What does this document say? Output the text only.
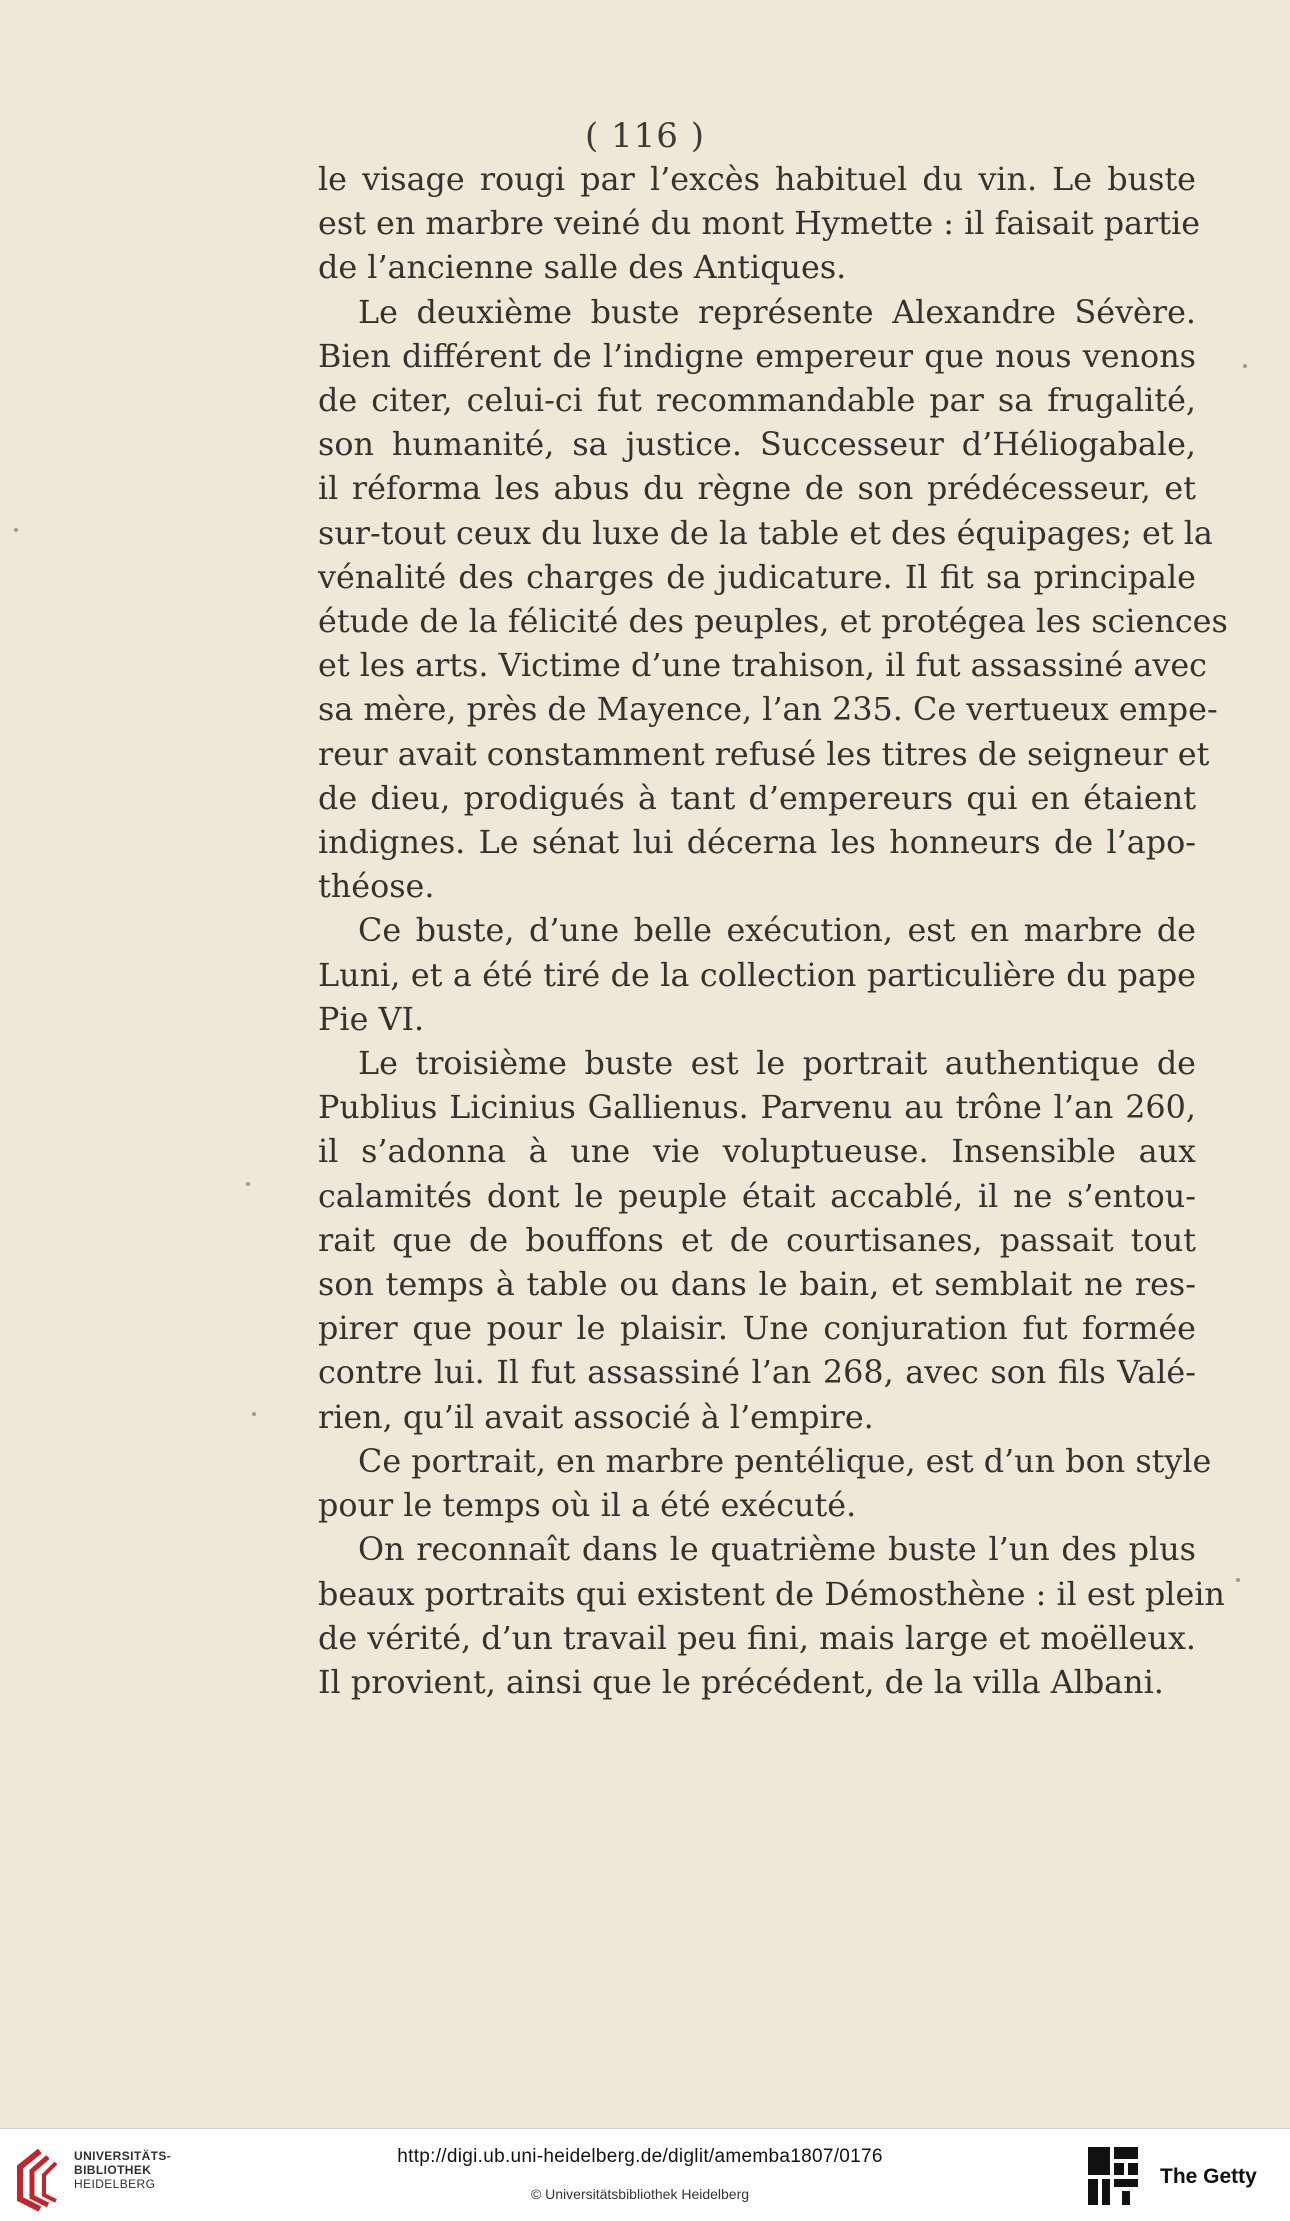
( 116 )
le visage rougi par l’excès habituel du vin. Le buste
est en marbre veiné du mont Hymette : il faisait partie
de l’ancienne salle des Antiques.
Le deuxième buste représente Alexandre Sévère.
Bien différent de l’indigne empereur que nous venons
de citer, celui-ci fut recommandable par sa frugalité,
son humanité, sa justice. Successeur d’Héliogabale,
il réforma les abus du règne de son prédécesseur, et
sur-tout ceux du luxe de la table et des équipages; et la
vénalité des charges de judicature. Il fit sa principale
étude de la félicité des peuples, et protégea les sciences
et les arts. Victime d’une trahison, il fut assassiné avec
sa mère, près de Mayence, l’an 235. Ce vertueux empe-
reur avait constamment refusé les titres de seigneur et
de dieu, prodigués à tant d’empereurs qui en étaient
indignes. Le sénat lui décerna les honneurs de l’apo-
théose.
Ce buste, d’une belle exécution, est en marbre de
Luni, et a été tiré de la collection particulière du pape
Pie VI.
Le troisième buste est le portrait authentique de
Publius Licinius Gallienus. Parvenu au trône l’an 260,
il s’adonna à une vie voluptueuse. Insensible aux
calamités dont le peuple était accablé, il ne s’entou-
rait que de bouffons et de courtisanes, passait tout
son temps à table ou dans le bain, et semblait ne res-
pirer que pour le plaisir. Une conjuration fut formée
contre lui. Il fut assassiné l’an 268, avec son fils Valé-
rien, qu’il avait associé à l’empire.
Ce portrait, en marbre pentélique, est d’un bon style
pour le temps où il a été exécuté.
On reconnaît dans le quatrième buste l’un des plus
beaux portraits qui existent de Démosthène : il est plein
de vérité, d’un travail peu fini, mais large et moëlleux.
Il provient, ainsi que le précédent, de la villa Albani.
UNIVERSITÄTS-
BIBLIOTHEK
HEIDELBERG
http://digi.ub.uni-heidelberg.de/diglit/amemba1807/0176
© Universitätsbibliothek Heidelberg
The Getty
